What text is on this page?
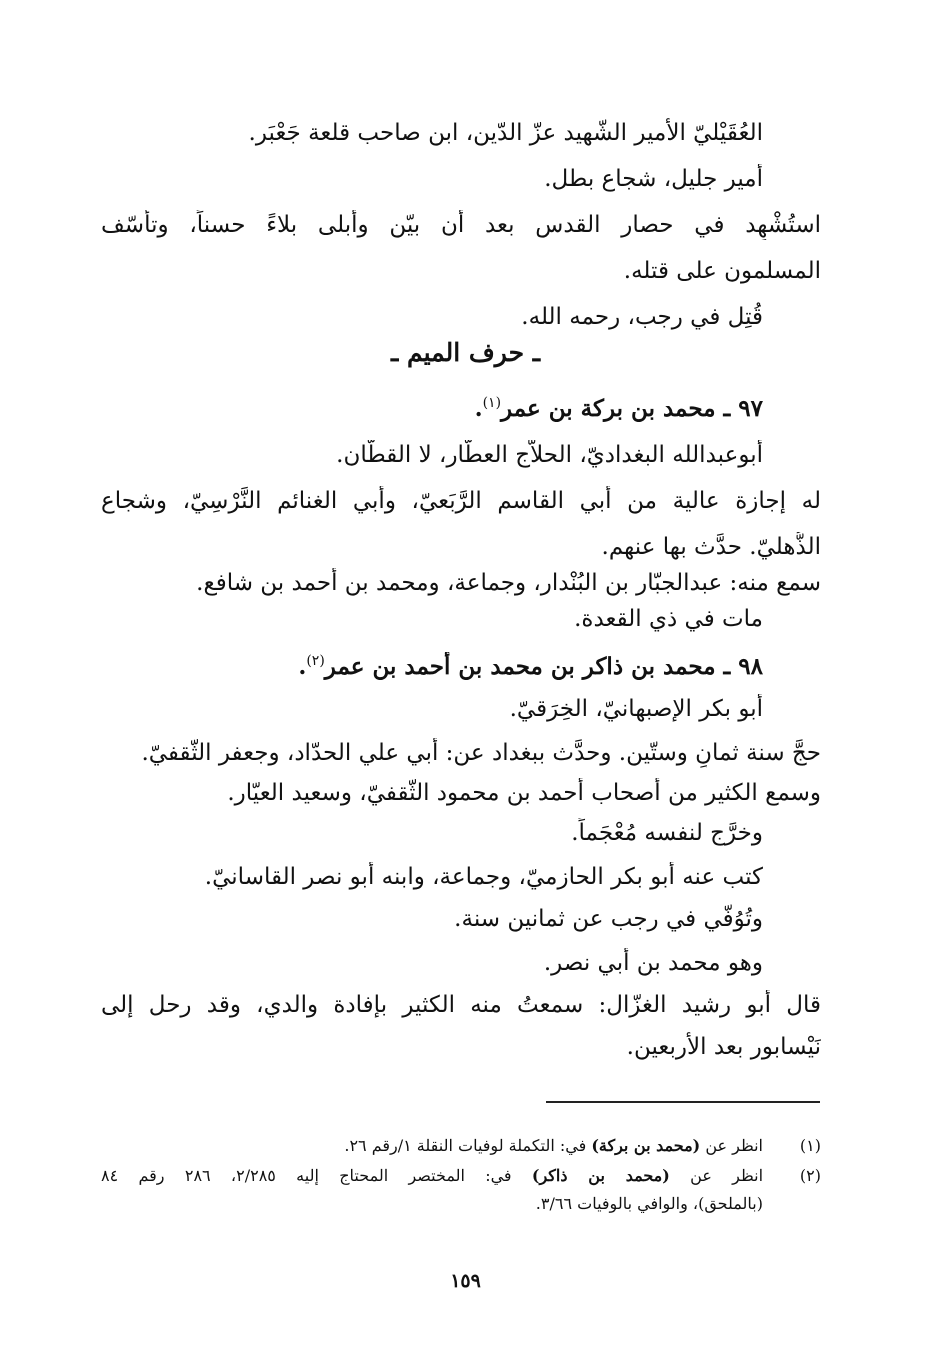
العُقَيْليّ الأمير الشّهيد عزّ الدّين، ابن صاحب قلعة جَعْبَر.
أمير جليل، شجاع بطل.
استُشْهِد في حصار القدس بعد أن بيّن وأبلى بلاءً حسناً، وتأسّف
المسلمون على قتله.
قُتِل في رجب، رحمه الله.
ـ حرف الميم ـ
٩٧ ـ محمد بن بركة بن عمر$^{(١)}$.
أبوعبدالله البغداديّ، الحلاّج العطّار، لا القطّان.
له إجازة عالية من أبي القاسم الرَّبَعيّ، وأبي الغنائم النَّرْسِيّ، وشجاع
الذُّهليّ. حدَّث بها عنهم.
سمع منه: عبدالجبّار بن البُنْدار، وجماعة، ومحمد بن أحمد بن شافع.
مات في ذي القعدة.
٩٨ ـ محمد بن ذاكر بن محمد بن أحمد بن عمر$^{(٢)}$.
أبو بكر الإصبهانيّ، الخِرَقيّ.
حجَّ سنة ثمانٍ وستّين. وحدَّث ببغداد عن: أبي علي الحدّاد، وجعفر الثّقفيّ.
وسمع الكثير من أصحاب أحمد بن محمود الثّقفيّ، وسعيد العيّار.
وخرَّج لنفسه مُعْجَماً.
كتب عنه أبو بكر الحازميّ، وجماعة، وابنه أبو نصر القاسانيّ.
وتُوُفّي في رجب عن ثمانين سنة.
وهو محمد بن أبي نصر.
قال أبو رشيد الغزّال: سمعتُ منه الكثير بإفادة والدي، وقد رحل إلى
نَيْسابور بعد الأربعين.
(١)
انظر عن (محمد بن بركة) في: التكملة لوفيات النقلة ١/رقم ٢٦.
(٢)
انظر عن (محمد بن ذاكر) في: المختصر المحتاج إليه ٢/٢٨٥، ٢٨٦ رقم ٨٤
(بالملحق)، والوافي بالوفيات ٣/٦٦.
١٥٩
